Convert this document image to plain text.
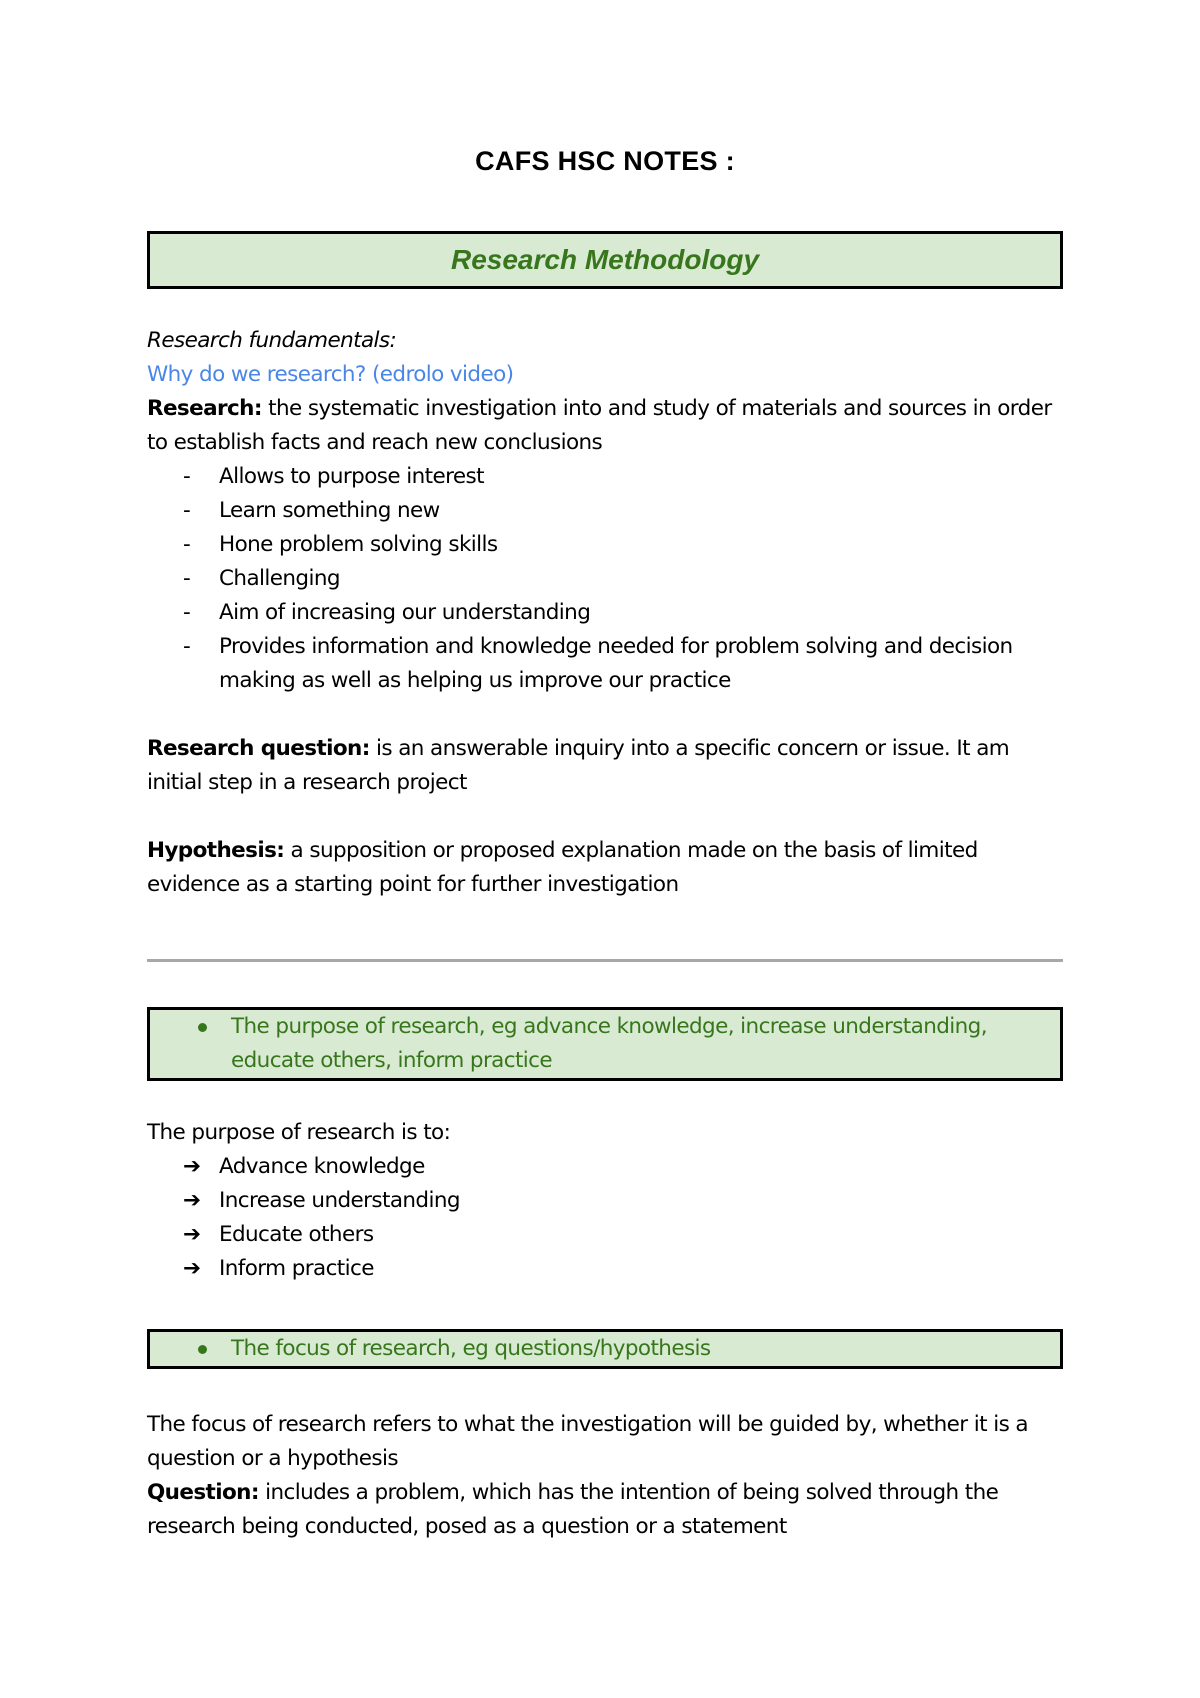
CAFS HSC NOTES :
Research Methodology

Research fundamentals:

Why do we research? (edrolo video)

Research: the systematic investigation into and study of materials and sources in order to establish facts and reach new conclusions

- Allows to purpose interest
- Learn something new
- Hone problem solving skills
- Challenging
- Aim of increasing our understanding
- Provides information and knowledge needed for problem solving and decision making as well as helping us improve our practice

Research question: is an answerable inquiry into a specific concern or issue. It am initial step in a research project

Hypothesis: a supposition or proposed explanation made on the basis of limited evidence as a starting point for further investigation

The purpose of research, eg advance knowledge, increase understanding, educate others, inform practice

The purpose of research is to:

➔ Advance knowledge
➔ Increase understanding
➔ Educate others
➔ Inform practice
The focus of research, eg questions/hypothesis

The focus of research refers to what the investigation will be guided by, whether it is a question or a hypothesis

Question: includes a problem, which has the intention of being solved through the research being conducted, posed as a question or a statement
